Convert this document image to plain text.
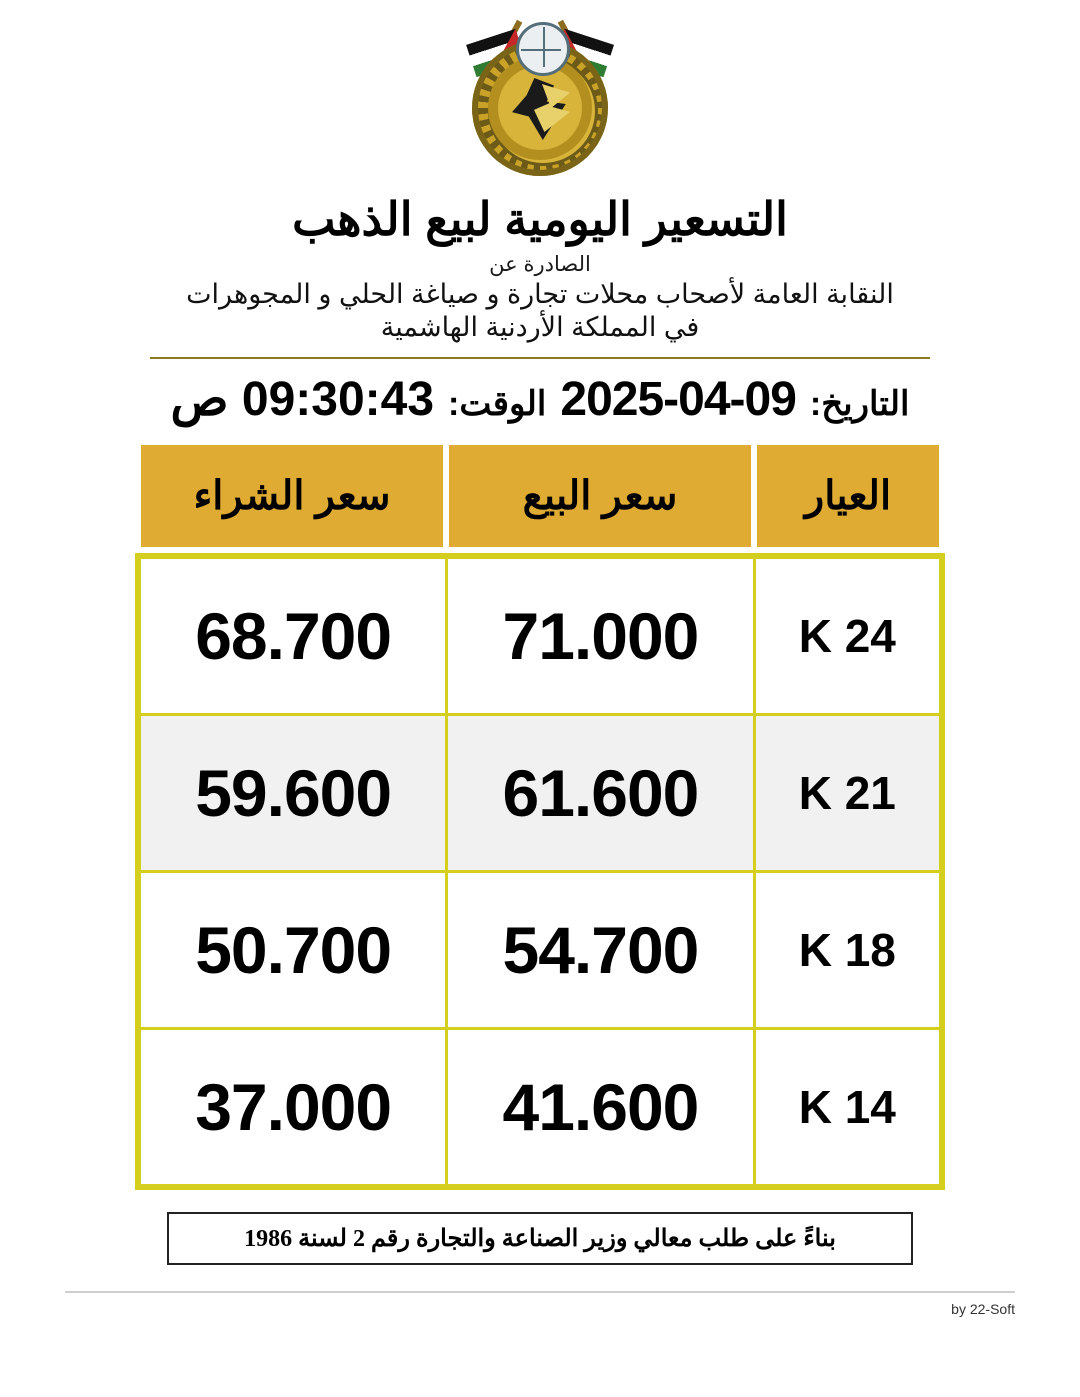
التسعير اليومية لبيع الذهب
الصادرة عن
النقابة العامة لأصحاب محلات تجارة و صياغة الحلي و المجوهرات
في المملكة الأردنية الهاشمية
التاريخ:
2025-04-09
الوقت:
09:30:43 ص
العيار	سعر البيع	سعر الشراء
24 K	71.000	68.700
21 K	61.600	59.600
18 K	54.700	50.700
14 K	41.600	37.000
بناءً على طلب معالي وزير الصناعة والتجارة رقم 2 لسنة 1986
by 22-Soft
